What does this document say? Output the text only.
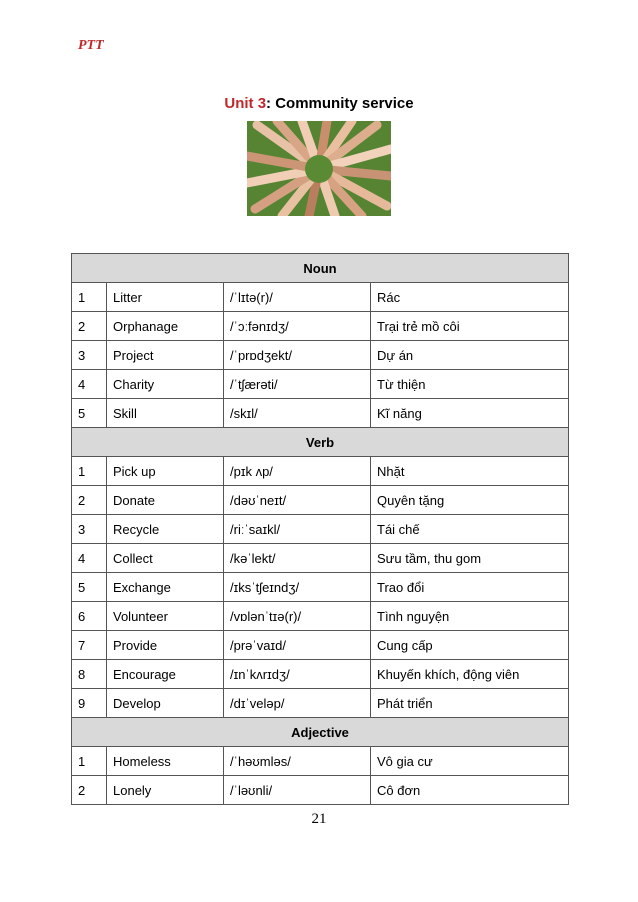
PTT
Unit 3: Community service
Noun			
1	Litter	/ˈlɪtə(r)/	Rác
2	Orphanage	/ˈɔːfənɪdʒ/	Trại trẻ mồ côi
3	Project	/ˈprɒdʒekt/	Dự án
4	Charity	/ˈtʃærəti/	Từ thiện
5	Skill	/skɪl/	Kĩ năng
Verb			
1	Pick up	/pɪk ʌp/	Nhặt
2	Donate	/dəʊˈneɪt/	Quyên tặng
3	Recycle	/riːˈsaɪkl/	Tái chế
4	Collect	/kəˈlekt/	Sưu tầm, thu gom
5	Exchange	/ɪksˈtʃeɪndʒ/	Trao đổi
6	Volunteer	/vɒlənˈtɪə(r)/	Tình nguyện
7	Provide	/prəˈvaɪd/	Cung cấp
8	Encourage	/ɪnˈkʌrɪdʒ/	Khuyến khích, động viên
9	Develop	/dɪˈveləp/	Phát triển
Adjective			
1	Homeless	/ˈhəʊmləs/	Vô gia cư
2	Lonely	/ˈləʊnli/	Cô đơn
21
